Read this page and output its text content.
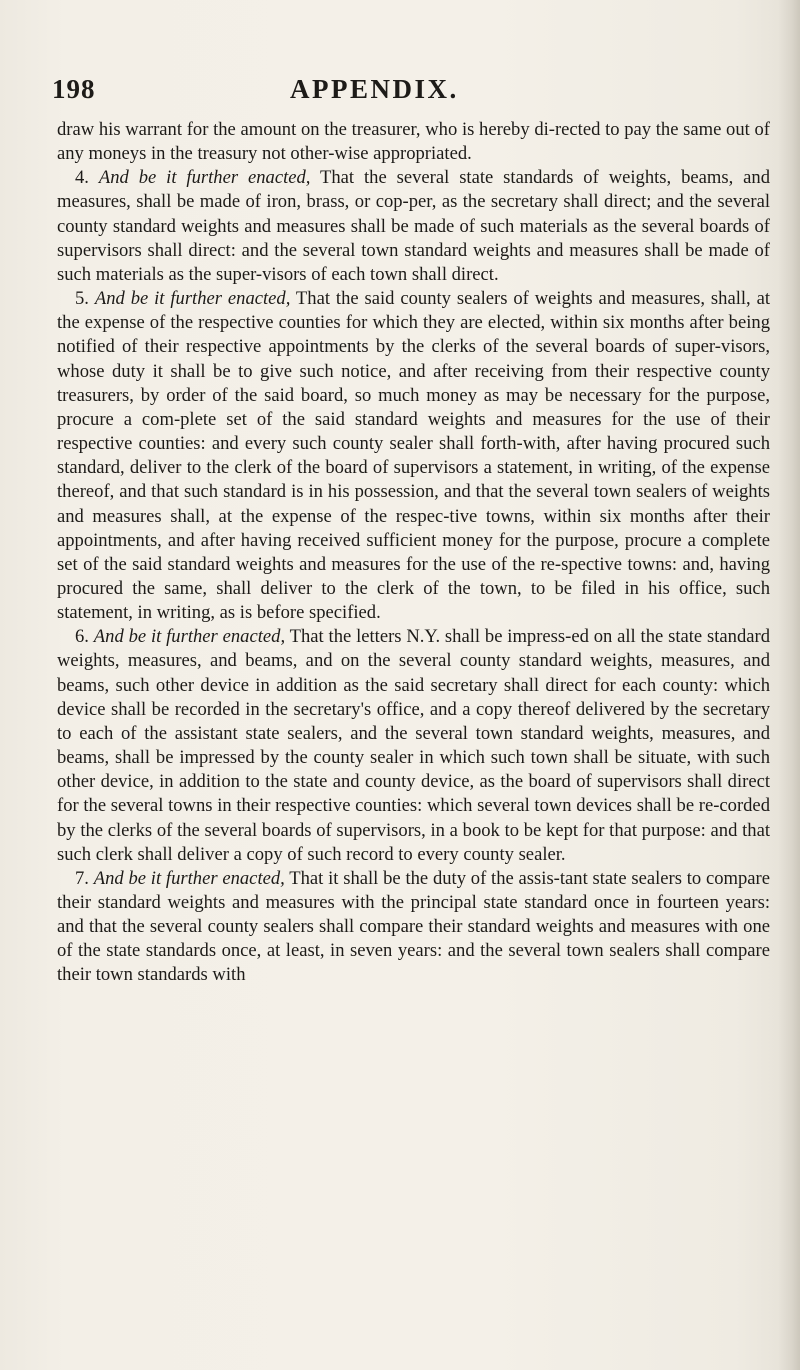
198	APPENDIX.

draw his warrant for the amount on the treasurer, who is hereby di-rected to pay the same out of any moneys in the treasury not other-wise appropriated.

4. And be it further enacted, That the several state standards of weights, beams, and measures, shall be made of iron, brass, or cop-per, as the secretary shall direct; and the several county standard weights and measures shall be made of such materials as the several boards of supervisors shall direct: and the several town standard weights and measures shall be made of such materials as the super-visors of each town shall direct.

5. And be it further enacted, That the said county sealers of weights and measures, shall, at the expense of the respective counties for which they are elected, within six months after being notified of their respective appointments by the clerks of the several boards of super-visors, whose duty it shall be to give such notice, and after receiving from their respective county treasurers, by order of the said board, so much money as may be necessary for the purpose, procure a com-plete set of the said standard weights and measures for the use of their respective counties: and every such county sealer shall forth-with, after having procured such standard, deliver to the clerk of the board of supervisors a statement, in writing, of the expense thereof, and that such standard is in his possession, and that the several town sealers of weights and measures shall, at the expense of the respec-tive towns, within six months after their appointments, and after having received sufficient money for the purpose, procure a complete set of the said standard weights and measures for the use of the re-spective towns: and, having procured the same, shall deliver to the clerk of the town, to be filed in his office, such statement, in writing, as is before specified.

6. And be it further enacted, That the letters N.Y. shall be impress-ed on all the state standard weights, measures, and beams, and on the several county standard weights, measures, and beams, such other device in addition as the said secretary shall direct for each county: which device shall be recorded in the secretary's office, and a copy thereof delivered by the secretary to each of the assistant state sealers, and the several town standard weights, measures, and beams, shall be impressed by the county sealer in which such town shall be situate, with such other device, in addition to the state and county device, as the board of supervisors shall direct for the several towns in their respective counties: which several town devices shall be re-corded by the clerks of the several boards of supervisors, in a book to be kept for that purpose: and that such clerk shall deliver a copy of such record to every county sealer.

7. And be it further enacted, That it shall be the duty of the assis-tant state sealers to compare their standard weights and measures with the principal state standard once in fourteen years: and that the several county sealers shall compare their standard weights and measures with one of the state standards once, at least, in seven years: and the several town sealers shall compare their town standards with
